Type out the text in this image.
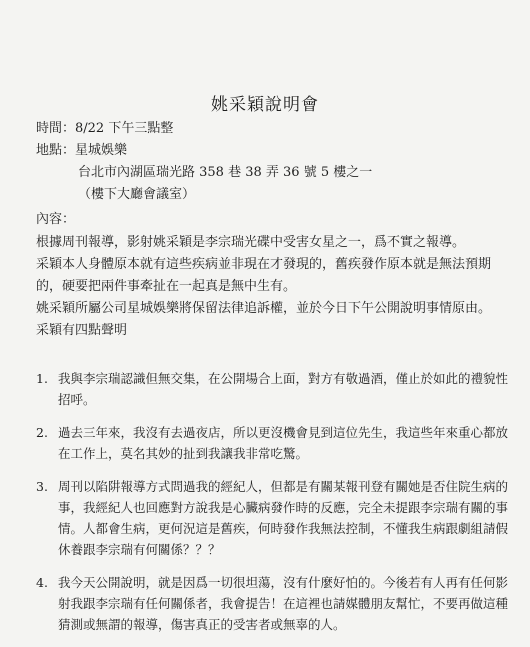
姚采穎說明會
時間：8/22 下午三點整
地點：星城娛樂
台北市內湖區瑞光路 358 巷 38 弄 36 號 5 樓之一
（樓下大廳會議室）
內容：

根據周刊報導，影射姚采穎是李宗瑞光碟中受害女星之一，爲不實之報導。

采穎本人身體原本就有這些疾病並非現在才發現的，舊疾發作原本就是無法預期的，硬要把兩件事牽扯在一起真是無中生有。

姚采穎所屬公司星城娛樂將保留法律追訴權，並於今日下午公開說明事情原由。

采穎有四點聲明

1. 我與李宗瑞認識但無交集，在公開場合上面，對方有敬過酒，僅止於如此的禮貌性招呼。
2. 過去三年來，我沒有去過夜店，所以更沒機會見到這位先生，我這些年來重心都放在工作上，莫名其妙的扯到我讓我非常吃驚。
3. 周刊以陷阱報導方式問過我的經紀人，但都是有關某報刊登有關她是否住院生病的事，我經紀人也回應對方說我是心臟病發作時的反應，完全未提跟李宗瑞有關的事情。人都會生病，更何況這是舊疾，何時發作我無法控制，不懂我生病跟劇組請假休養跟李宗瑞有何關係？？？
4. 我今天公開說明，就是因爲一切很坦蕩，沒有什麼好怕的。今後若有人再有任何影射我跟李宗瑞有任何關係者，我會提告！在這裡也請媒體朋友幫忙，不要再做這種猜測或無謂的報導，傷害真正的受害者或無辜的人。
